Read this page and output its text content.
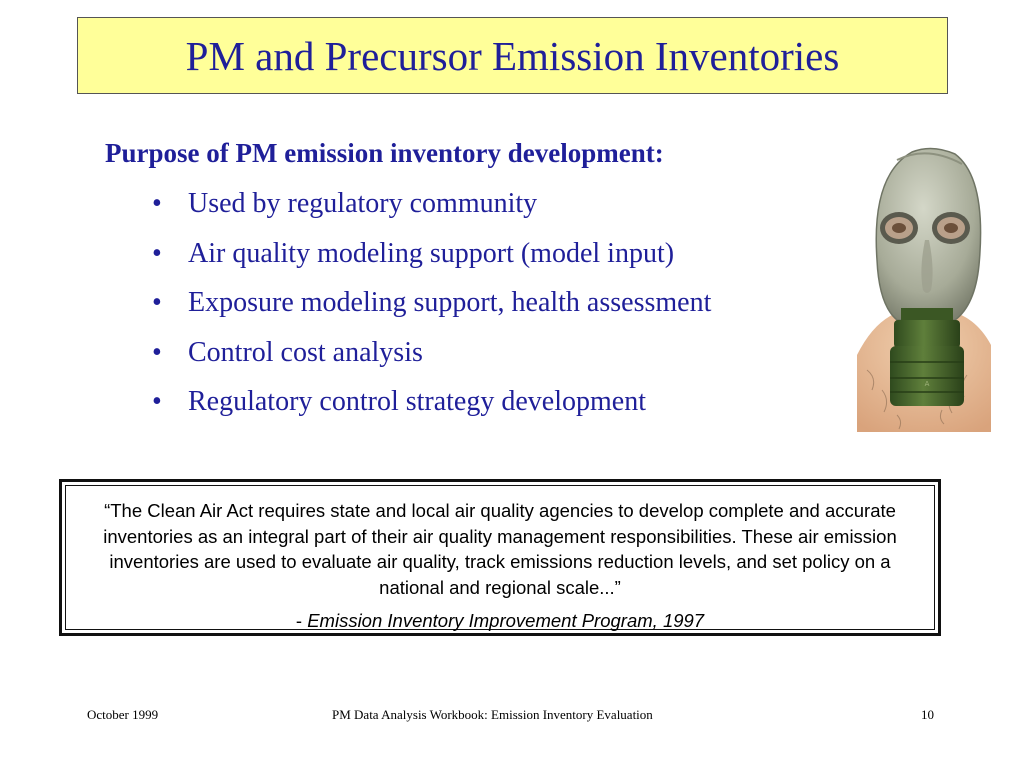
PM and Precursor Emission Inventories
Purpose of PM emission inventory development:
• Used by regulatory community
• Air quality modeling support (model input)
• Exposure modeling support, health assessment
• Control cost analysis
• Regulatory control strategy development
A
“The Clean Air Act requires state and local air quality agencies to develop complete and accurate inventories as an integral part of their air quality management responsibilities. These air emission inventories are used to evaluate air quality, track emissions reduction levels, and set policy on a national and regional scale...”
- Emission Inventory Improvement Program, 1997
October 1999	PM Data Analysis Workbook: Emission Inventory Evaluation	10
